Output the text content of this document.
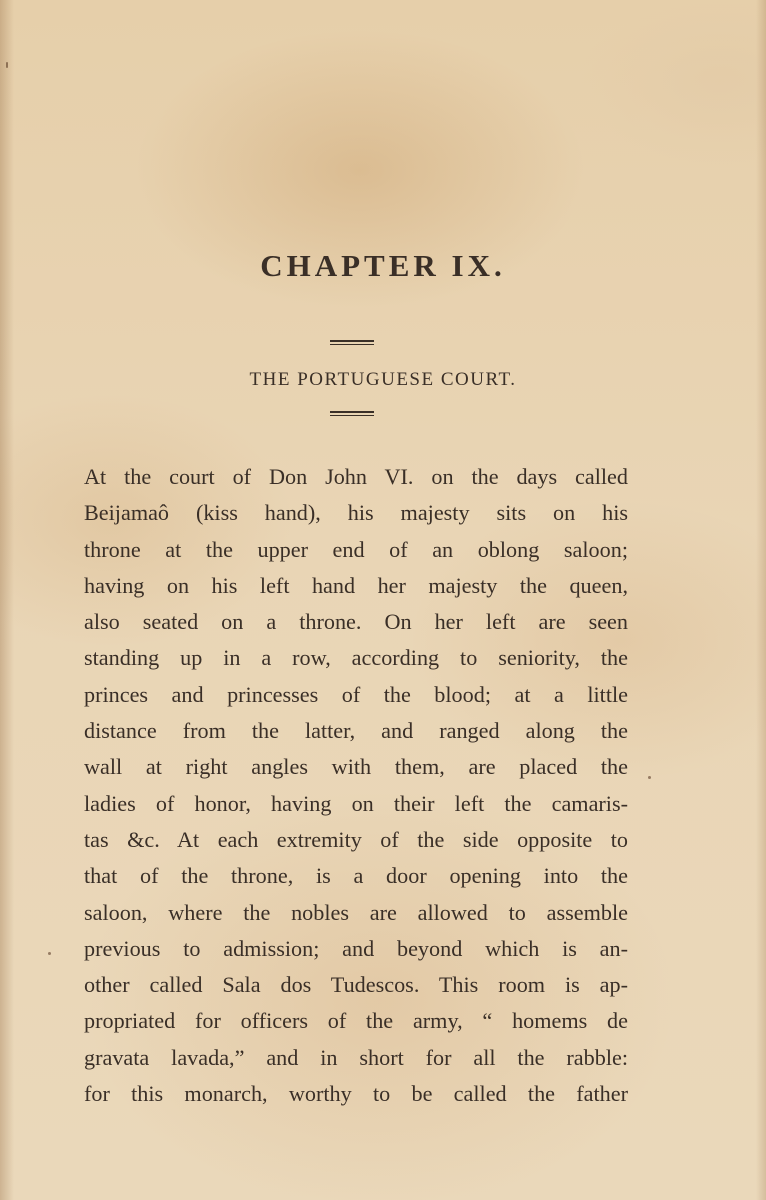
CHAPTER IX.
THE PORTUGUESE COURT.
At the court of Don John VI. on the days called
Beijamaô (kiss hand), his majesty sits on his
throne at the upper end of an oblong saloon;
having on his left hand her majesty the queen,
also seated on a throne. On her left are seen
standing up in a row, according to seniority, the
princes and princesses of the blood; at a little
distance from the latter, and ranged along the
wall at right angles with them, are placed the
ladies of honor, having on their left the camaris-
tas &c. At each extremity of the side opposite to
that of the throne, is a door opening into the
saloon, where the nobles are allowed to assemble
previous to admission; and beyond which is an-
other called Sala dos Tudescos. This room is ap-
propriated for officers of the army, “ homems de
gravata lavada,” and in short for all the rabble:
for this monarch, worthy to be called the father
